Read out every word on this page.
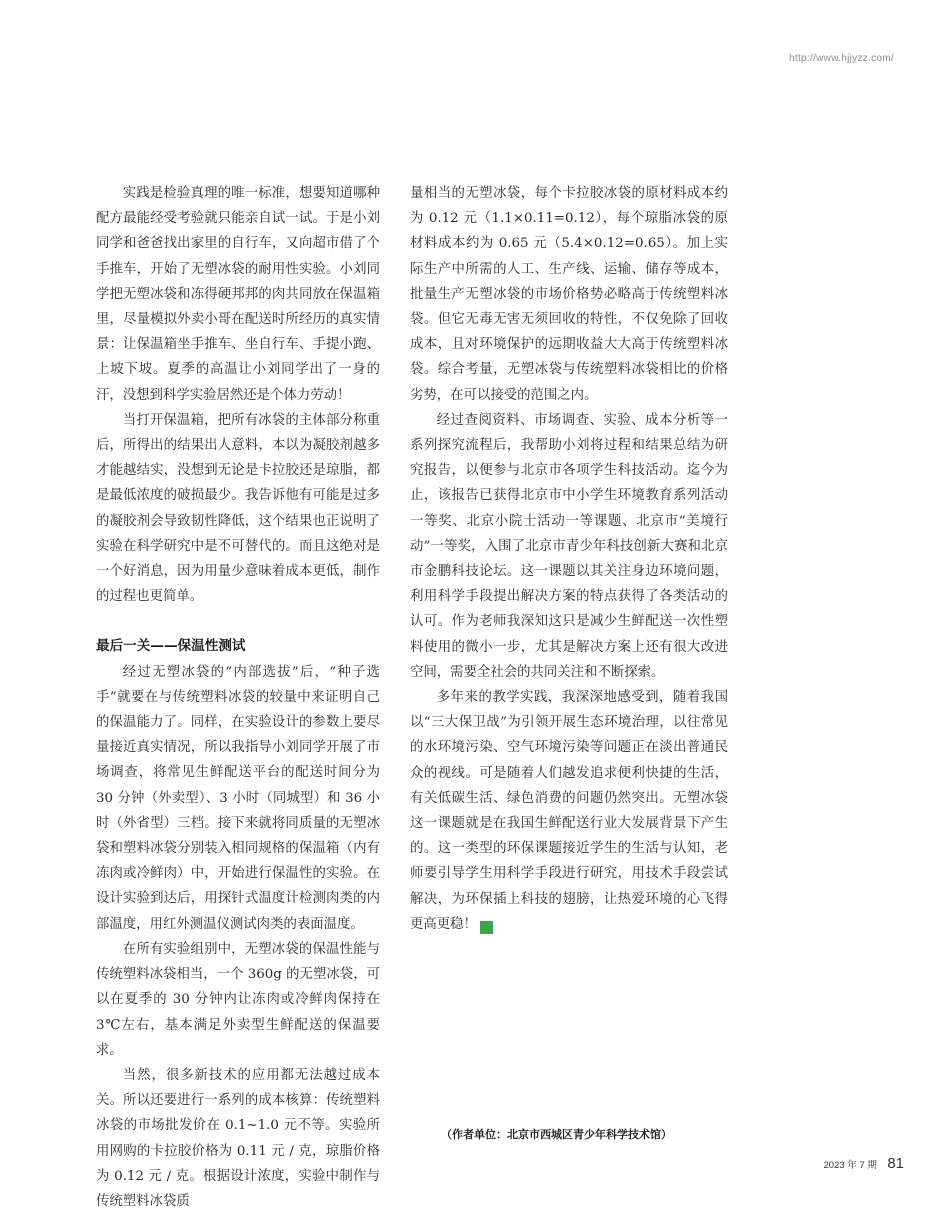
http://www.hjjyzz.com/

实践是检验真理的唯一标准，想要知道哪种配方最能经受考验就只能亲自试一试。于是小刘同学和爸爸找出家里的自行车，又向超市借了个手推车，开始了无塑冰袋的耐用性实验。小刘同学把无塑冰袋和冻得硬邦邦的肉共同放在保温箱里，尽量模拟外卖小哥在配送时所经历的真实情景：让保温箱坐手推车、坐自行车、手提小跑、上坡下坡。夏季的高温让小刘同学出了一身的汗，没想到科学实验居然还是个体力劳动！

当打开保温箱，把所有冰袋的主体部分称重后，所得出的结果出人意料，本以为凝胶剂越多才能越结实，没想到无论是卡拉胶还是琼脂，都是最低浓度的破损最少。我告诉他有可能是过多的凝胶剂会导致韧性降低，这个结果也正说明了实验在科学研究中是不可替代的。而且这绝对是一个好消息，因为用量少意味着成本更低，制作的过程也更简单。

最后一关——保温性测试

经过无塑冰袋的“内部选拔”后，“种子选手”就要在与传统塑料冰袋的较量中来证明自己的保温能力了。同样，在实验设计的参数上要尽量接近真实情况，所以我指导小刘同学开展了市场调查，将常见生鲜配送平台的配送时间分为 30 分钟（外卖型）、3 小时（同城型）和 36 小时（外省型）三档。接下来就将同质量的无塑冰袋和塑料冰袋分别装入相同规格的保温箱（内有冻肉或冷鲜肉）中，开始进行保温性的实验。在设计实验到达后，用探针式温度计检测肉类的内部温度，用红外测温仪测试肉类的表面温度。

在所有实验组别中，无塑冰袋的保温性能与传统塑料冰袋相当，一个 360g 的无塑冰袋，可以在夏季的 30 分钟内让冻肉或冷鲜肉保持在 3℃左右，基本满足外卖型生鲜配送的保温要求。

当然，很多新技术的应用都无法越过成本关。所以还要进行一系列的成本核算：传统塑料冰袋的市场批发价在 0.1~1.0 元不等。实验所用网购的卡拉胶价格为 0.11 元 / 克，琼脂价格为 0.12 元 / 克。根据设计浓度，实验中制作与传统塑料冰袋质

量相当的无塑冰袋，每个卡拉胶冰袋的原材料成本约为 0.12 元（1.1×0.11=0.12），每个琼脂冰袋的原材料成本约为 0.65 元（5.4×0.12=0.65）。加上实际生产中所需的人工、生产线、运输、储存等成本，批量生产无塑冰袋的市场价格势必略高于传统塑料冰袋。但它无毒无害无须回收的特性，不仅免除了回收成本，且对环境保护的远期收益大大高于传统塑料冰袋。综合考量，无塑冰袋与传统塑料冰袋相比的价格劣势，在可以接受的范围之内。

经过查阅资料、市场调查、实验、成本分析等一系列探究流程后，我帮助小刘将过程和结果总结为研究报告，以便参与北京市各项学生科技活动。迄今为止，该报告已获得北京市中小学生环境教育系列活动一等奖、北京小院士活动一等课题、北京市“美境行动”一等奖，入围了北京市青少年科技创新大赛和北京市金鹏科技论坛。这一课题以其关注身边环境问题，利用科学手段提出解决方案的特点获得了各类活动的认可。作为老师我深知这只是减少生鲜配送一次性塑料使用的微小一步，尤其是解决方案上还有很大改进空间，需要全社会的共同关注和不断探索。

多年来的教学实践，我深深地感受到，随着我国以“三大保卫战”为引领开展生态环境治理，以往常见的水环境污染、空气环境污染等问题正在淡出普通民众的视线。可是随着人们越发追求便利快捷的生活，有关低碳生活、绿色消费的问题仍然突出。无塑冰袋这一课题就是在我国生鲜配送行业大发展背景下产生的。这一类型的环保课题接近学生的生活与认知，老师要引导学生用科学手段进行研究，用技术手段尝试解决，为环保插上科技的翅膀，让热爱环境的心飞得更高更稳！	E

（作者单位：北京市西城区青少年科学技术馆）
2023 年 7 期 81
